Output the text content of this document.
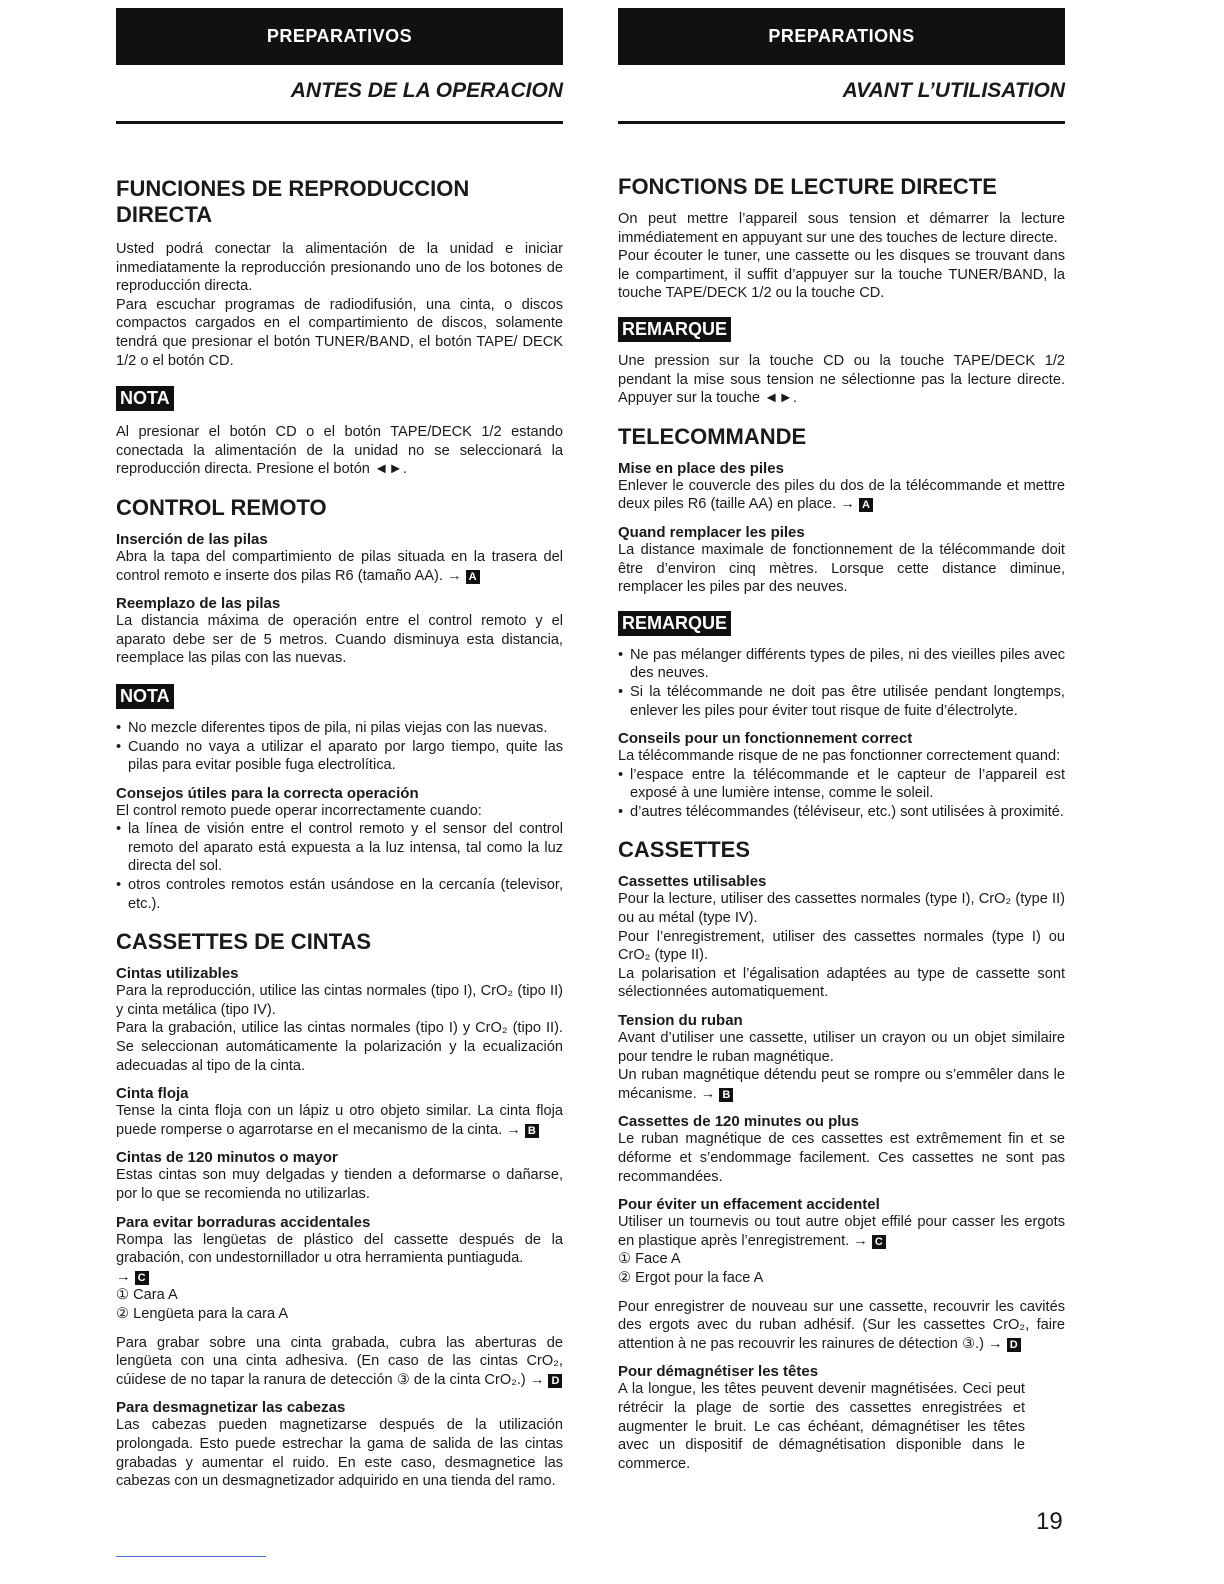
PREPARATIVOS
ANTES DE LA OPERACION
FUNCIONES DE REPRODUCCION DIRECTA

Usted podrá conectar la alimentación de la unidad e iniciar inmediatamente la reproducción presionando uno de los botones de reproducción directa.

Para escuchar programas de radiodifusión, una cinta, o discos compactos cargados en el compartimiento de discos, solamente tendrá que presionar el botón TUNER/BAND, el botón TAPE/ DECK 1/2 o el botón CD.

NOTA

Al presionar el botón CD o el botón TAPE/DECK 1/2 estando conectada la alimentación de la unidad no se seleccionará la reproducción directa. Presione el botón ◄►.

CONTROL REMOTO
Inserción de las pilas

Abra la tapa del compartimiento de pilas situada en la trasera del control remoto e inserte dos pilas R6 (tamaño AA). → A

Reemplazo de las pilas

La distancia máxima de operación entre el control remoto y el aparato debe ser de 5 metros. Cuando disminuya esta distancia, reemplace las pilas con las nuevas.

NOTA

• No mezcle diferentes tipos de pila, ni pilas viejas con las nuevas.

• Cuando no vaya a utilizar el aparato por largo tiempo, quite las pilas para evitar posible fuga electrolítica.

Consejos útiles para la correcta operación

El control remoto puede operar incorrectamente cuando:

• la línea de visión entre el control remoto y el sensor del control remoto del aparato está expuesta a la luz intensa, tal como la luz directa del sol.

• otros controles remotos están usándose en la cercanía (televisor, etc.).

CASSETTES DE CINTAS
Cintas utilizables

Para la reproducción, utilice las cintas normales (tipo I), CrO₂ (tipo II) y cinta metálica (tipo IV).

Para la grabación, utilice las cintas normales (tipo I) y CrO₂ (tipo II). Se seleccionan automáticamente la polarización y la ecualización adecuadas al tipo de la cinta.

Cinta floja

Tense la cinta floja con un lápiz u otro objeto similar. La cinta floja puede romperse o agarrotarse en el mecanismo de la cinta. → B

Cintas de 120 minutos o mayor

Estas cintas son muy delgadas y tienden a deformarse o dañarse, por lo que se recomienda no utilizarlas.

Para evitar borraduras accidentales

Rompa las lengüetas de plástico del cassette después de la grabación, con undestornillador u otra herramienta puntiaguda.

→ C

① Cara A

② Lengüeta para la cara A

Para grabar sobre una cinta grabada, cubra las aberturas de lengüeta con una cinta adhesiva. (En caso de las cintas CrO₂, cúidese de no tapar la ranura de detección ③ de la cinta CrO₂.) → D

Para desmagnetizar las cabezas

Las cabezas pueden magnetizarse después de la utilización prolongada. Esto puede estrechar la gama de salida de las cintas grabadas y aumentar el ruido. En este caso, desmagnetice las cabezas con un desmagnetizador adquirido en una tienda del ramo.

PREPARATIONS
AVANT L’UTILISATION
FONCTIONS DE LECTURE DIRECTE

On peut mettre l’appareil sous tension et démarrer la lecture immédiatement en appuyant sur une des touches de lecture directe.

Pour écouter le tuner, une cassette ou les disques se trouvant dans le compartiment, il suffit d’appuyer sur la touche TUNER/BAND, la touche TAPE/DECK 1/2 ou la touche CD.

REMARQUE

Une pression sur la touche CD ou la touche TAPE/DECK 1/2 pendant la mise sous tension ne sélectionne pas la lecture directe. Appuyer sur la touche ◄►.

TELECOMMANDE
Mise en place des piles

Enlever le couvercle des piles du dos de la télécommande et mettre deux piles R6 (taille AA) en place. → A

Quand remplacer les piles

La distance maximale de fonctionnement de la télécommande doit être d’environ cinq mètres. Lorsque cette distance diminue, remplacer les piles par des neuves.

REMARQUE

• Ne pas mélanger différents types de piles, ni des vieilles piles avec des neuves.

• Si la télécommande ne doit pas être utilisée pendant longtemps, enlever les piles pour éviter tout risque de fuite d’électrolyte.

Conseils pour un fonctionnement correct

La télécommande risque de ne pas fonctionner correctement quand:

• l’espace entre la télécommande et le capteur de l’appareil est exposé à une lumière intense, comme le soleil.

• d’autres télécommandes (téléviseur, etc.) sont utilisées à proximité.

CASSETTES
Cassettes utilisables

Pour la lecture, utiliser des cassettes normales (type I), CrO₂ (type II) ou au métal (type IV).

Pour l’enregistrement, utiliser des cassettes normales (type I) ou CrO₂ (type II).

La polarisation et l’égalisation adaptées au type de cassette sont sélectionnées automatiquement.

Tension du ruban

Avant d’utiliser une cassette, utiliser un crayon ou un objet similaire pour tendre le ruban magnétique.

Un ruban magnétique détendu peut se rompre ou s’emmêler dans le mécanisme. → B

Cassettes de 120 minutes ou plus

Le ruban magnétique de ces cassettes est extrêmement fin et se déforme et s’endommage facilement. Ces cassettes ne sont pas recommandées.

Pour éviter un effacement accidentel

Utiliser un tournevis ou tout autre objet effilé pour casser les ergots en plastique après l’enregistrement. → C

① Face A

② Ergot pour la face A

Pour enregistrer de nouveau sur une cassette, recouvrir les cavités des ergots avec du ruban adhésif. (Sur les cassettes CrO₂, faire attention à ne pas recouvrir les rainures de détection ③.) → D

Pour démagnétiser les têtes

A la longue, les têtes peuvent devenir magnétisées. Ceci peut rétrécir la plage de sortie des cassettes enregistrées et augmenter le bruit. Le cas échéant, démagnétiser les têtes avec un dispositif de démagnétisation disponible dans le commerce.

19
